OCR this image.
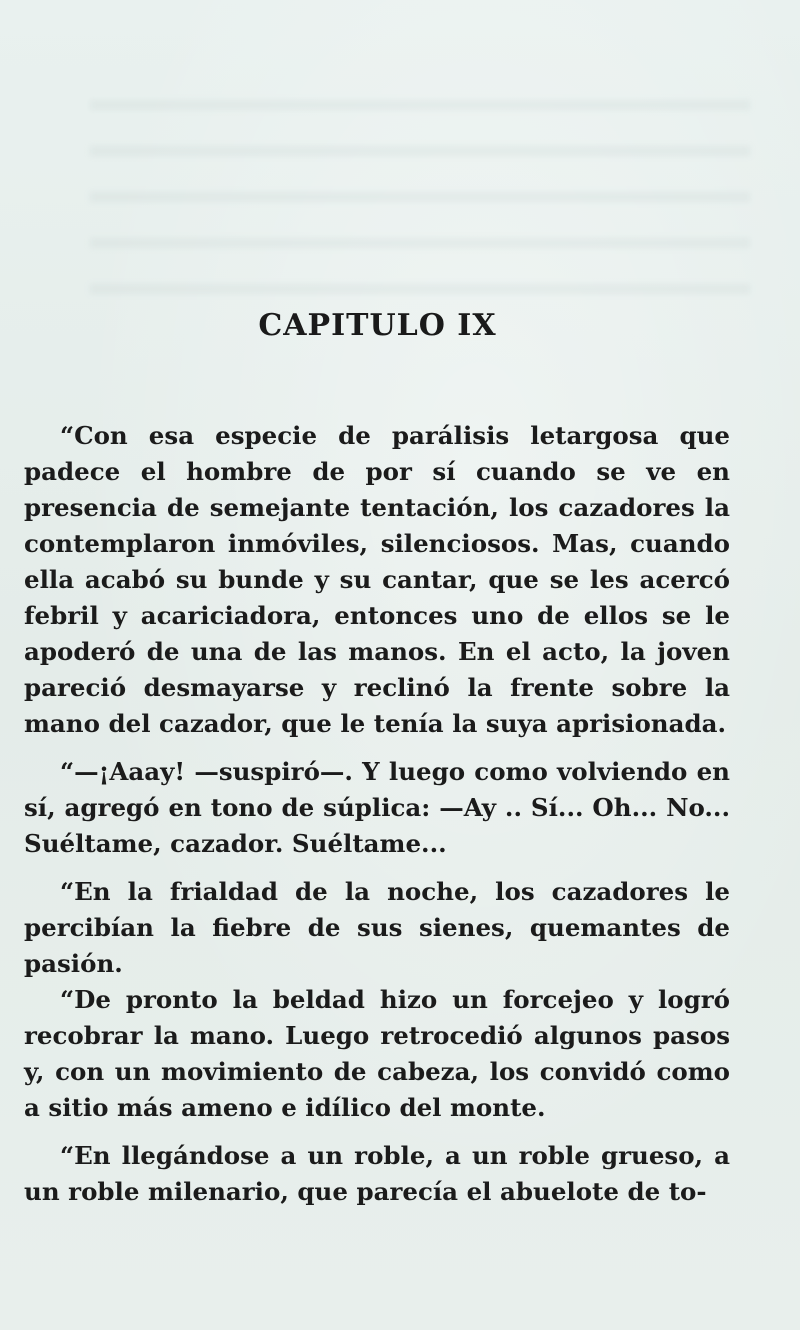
CAPITULO IX

“Con esa especie de parálisis letargosa que padece el hombre de por sí cuando se ve en presencia de semejante tentación, los cazadores la contemplaron inmóviles, silenciosos. Mas, cuando ella acabó su bunde y su cantar, que se les acercó febril y acariciadora, entonces uno de ellos se le apoderó de una de las manos. En el acto, la joven pareció desmayarse y reclinó la frente sobre la mano del cazador, que le tenía la suya aprisionada.

“—¡Aaay! —suspiró—. Y luego como volviendo en sí, agregó en tono de súplica: —Ay .. Sí... Oh... No... Suéltame, cazador. Suéltame...

“En la frialdad de la noche, los cazadores le percibían la fiebre de sus sienes, quemantes de pasión.

“De pronto la beldad hizo un forcejeo y logró recobrar la mano. Luego retrocedió algunos pasos y, con un movimiento de cabeza, los convidó como a sitio más ameno e idílico del monte.

“En llegándose a un roble, a un roble grueso, a un roble milenario, que parecía el abuelote de to-
